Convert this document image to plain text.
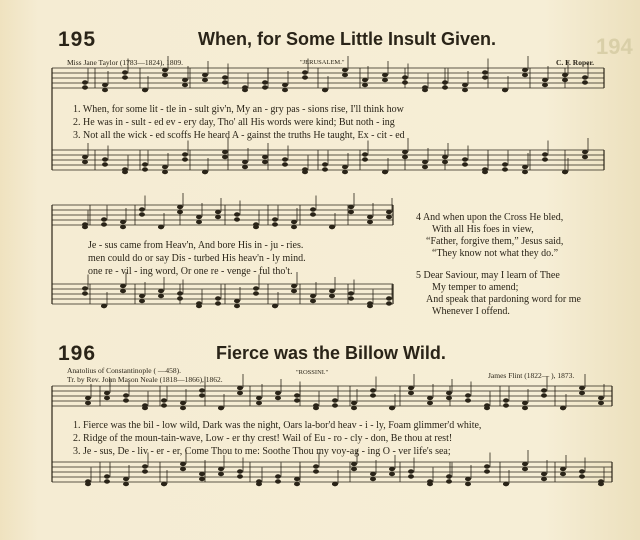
194
195	When, for Some Little Insult Given.
Miss Jane Taylor (1783—1824), 1809.	"JERUSALEM."	C. F. Roper.
1. When, for some lit - tle in - sult giv'n, My an - gry pas - sions rise, I'll think how
2. He was in - sult - ed ev - ery day, Tho' all His words were kind; But noth - ing
3. Not all the wick - ed scoffs He heard A - gainst the truths He taught, Ex - cit - ed
Je - sus came from Heav'n, And bore His in - ju - ries.
men could do or say Dis - turbed His heav'n - ly mind.
one re - vil - ing word, Or one re - venge - ful tho't.
4 And when upon the Cross He bled,
With all His foes in view,
“Father, forgive them,” Jesus said,
“They know not what they do.”
5 Dear Saviour, may I learn of Thee
My temper to amend;
And speak that pardoning word for me
Whenever I offend.
196	Fierce was the Billow Wild.
Anatolius of Constantinople ( —458).
Tr. by Rev. John Mason Neale (1818—1866), 1862.
"ROSSINI."	James Flint (1822— ), 1873.
1. Fierce was the bil - low wild, Dark was the night, Oars la-bor'd heav - i - ly, Foam glimmer'd white,
2. Ridge of the moun-tain-wave, Low - er thy crest! Wail of Eu - ro - cly - don, Be thou at rest!
3. Je - sus, De - liv - er - er, Come Thou to me: Soothe Thou my voy-ag - ing O - ver life's sea;
